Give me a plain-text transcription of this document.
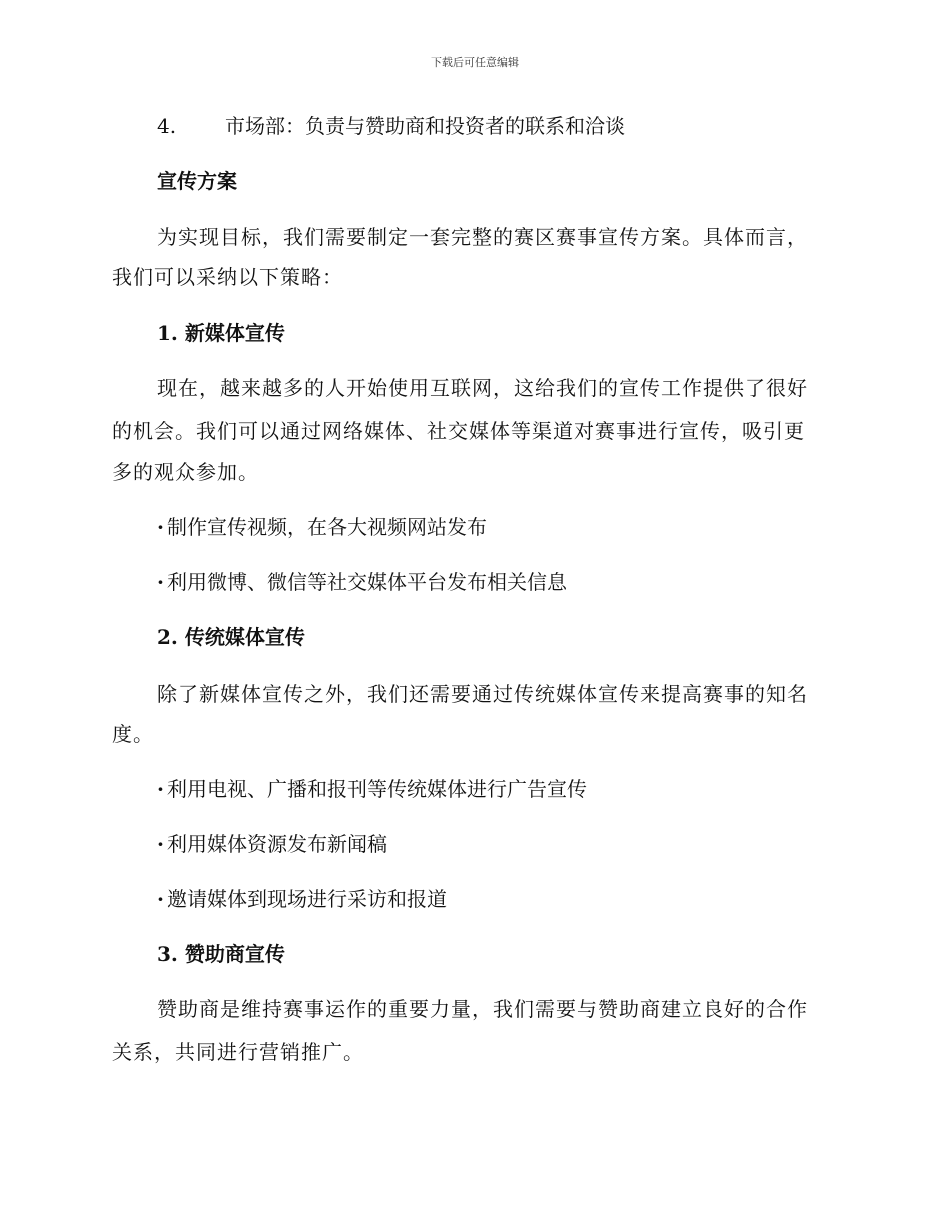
下载后可任意编辑
4. 市场部：负责与赞助商和投资者的联系和洽谈
宣传方案
为实现目标，我们需要制定一套完整的赛区赛事宣传方案。具体而言，
我们可以采纳以下策略：
1. 新媒体宣传
现在，越来越多的人开始使用互联网，这给我们的宣传工作提供了很好
的机会。我们可以通过网络媒体、社交媒体等渠道对赛事进行宣传，吸引更
多的观众参加。
· 制作宣传视频，在各大视频网站发布
· 利用微博、微信等社交媒体平台发布相关信息
2. 传统媒体宣传
除了新媒体宣传之外，我们还需要通过传统媒体宣传来提高赛事的知名
度。
· 利用电视、广播和报刊等传统媒体进行广告宣传
· 利用媒体资源发布新闻稿
· 邀请媒体到现场进行采访和报道
3. 赞助商宣传
赞助商是维持赛事运作的重要力量，我们需要与赞助商建立良好的合作
关系，共同进行营销推广。
